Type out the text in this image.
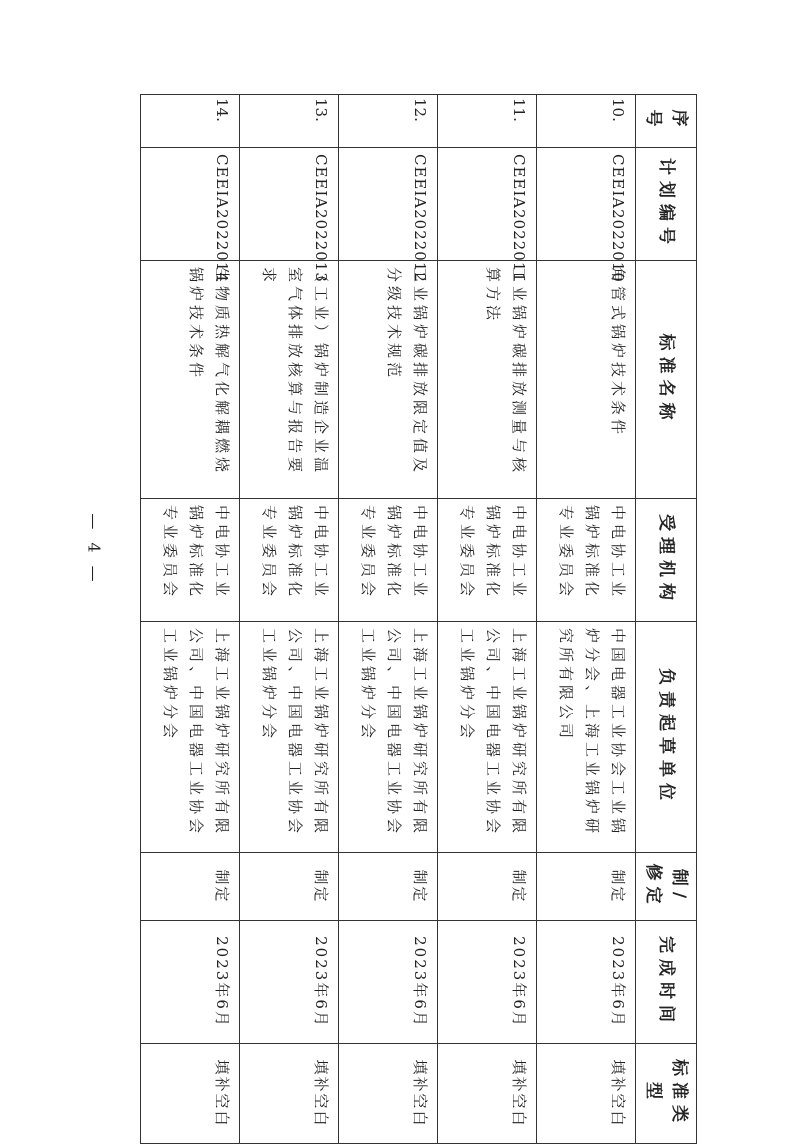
序号	计划编号	标准名称	受理机构	负责起草单位	制/修定	完成时间	标准类型
10.	CEEIA2022010	角管式锅炉技术条件	中电协工业锅炉标准化专业委员会	中国电器工业协会工业锅炉分会、上海工业锅炉研究所有限公司	制定	2023年6月	填补空白
11.	CEEIA2022011	工业锅炉碳排放测量与核算方法	中电协工业锅炉标准化专业委员会	上海工业锅炉研究所有限公司、中国电器工业协会工业锅炉分会	制定	2023年6月	填补空白
12.	CEEIA2022012	工业锅炉碳排放限定值及分级技术规范	中电协工业锅炉标准化专业委员会	上海工业锅炉研究所有限公司、中国电器工业协会工业锅炉分会	制定	2023年6月	填补空白
13.	CEEIA2022013	（工业）锅炉制造企业温室气体排放核算与报告要求	中电协工业锅炉标准化专业委员会	上海工业锅炉研究所有限公司、中国电器工业协会工业锅炉分会	制定	2023年6月	填补空白
14.	CEEIA2022014	生物质热解气化解耦燃烧锅炉技术条件	中电协工业锅炉标准化专业委员会	上海工业锅炉研究所有限公司、中国电器工业协会工业锅炉分会	制定	2023年6月	填补空白
— 4 —
